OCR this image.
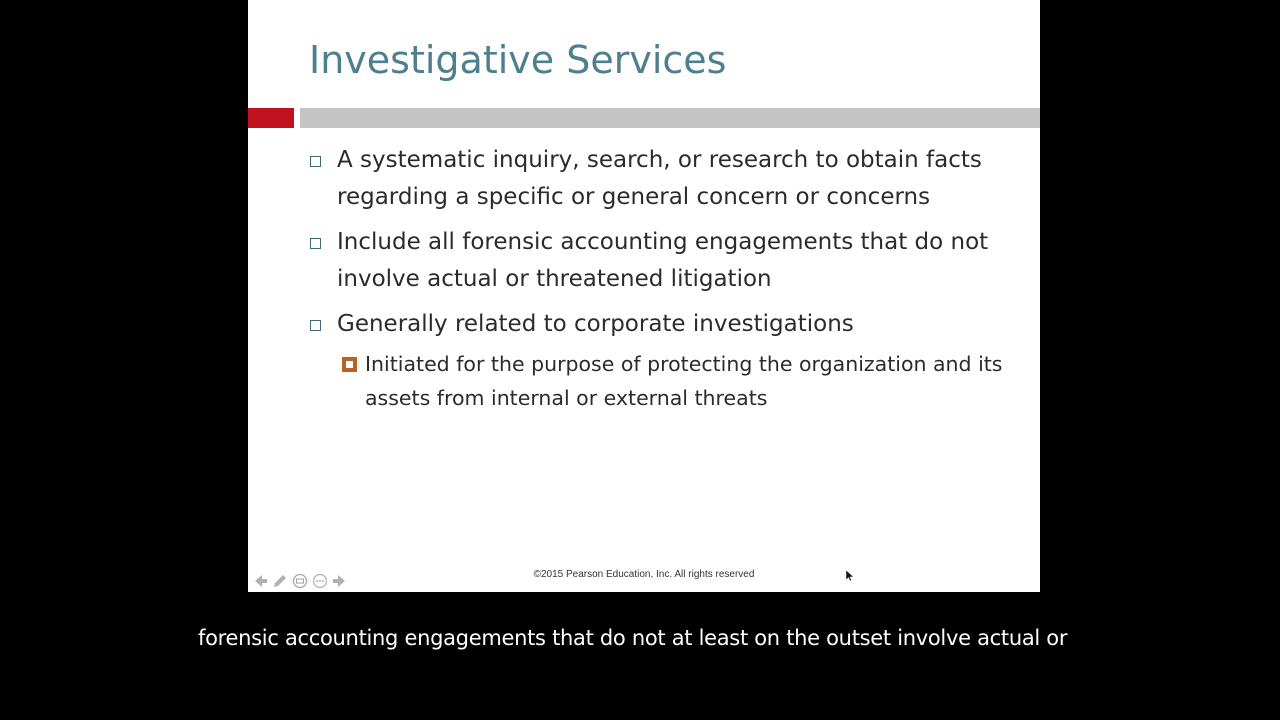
Investigative Services
A systematic inquiry, search, or research to obtain facts regarding a specific or general concern or concerns
Include all forensic accounting engagements that do not involve actual or threatened litigation
Generally related to corporate investigations
Initiated for the purpose of protecting the organization and its assets from internal or external threats
©2015 Pearson Education, Inc. All rights reserved

forensic accounting engagements that do not at least on the outset involve actual or
